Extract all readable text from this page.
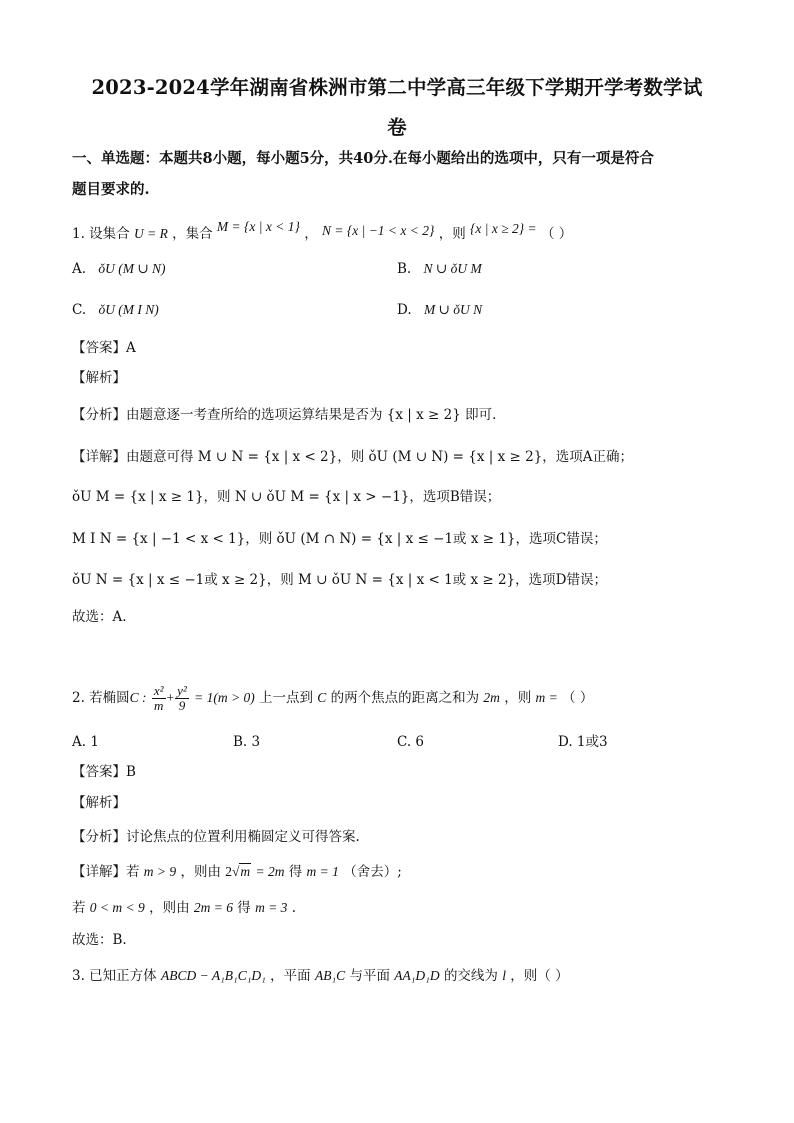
2023-2024学年湖南省株洲市第二中学高三年级下学期开学考数学试
卷
一、单选题：本题共8小题，每小题5分，共40分.在每小题给出的选项中，只有一项是符合
题目要求的.
1. 设集合 U = R ，集合 M = {x | x < 1} ， N = {x | −1 < x < 2} ，则 {x | x ≥ 2} = （ ）
A. ǒU (M ∪ N)	B. N ∪ ǒU M
C. ǒU (M I N)	D. M ∪ ǒU N
【答案】A
【解析】
【分析】由题意逐一考查所给的选项运算结果是否为 {x | x ≥ 2} 即可.
【详解】由题意可得 M ∪ N = {x | x < 2}，则 ǒU (M ∪ N) = {x | x ≥ 2}，选项A正确；
ǒU M = {x | x ≥ 1}，则 N ∪ ǒU M = {x | x > −1}，选项B错误；
M I N = {x | −1 < x < 1}，则 ǒU (M ∩ N) = {x | x ≤ −1或 x ≥ 1}，选项C错误；
ǒU N = {x | x ≤ −1或 x ≥ 2}，则 M ∪ ǒU N = {x | x < 1或 x ≥ 2}，选项D错误；
故选：A.
2. 若椭圆C : $\frac{\text{x²}}{m} + \frac{\text{y²}}{9} = 1(m > 0)$ 上一点到 C 的两个焦点的距离之和为 2m ，则 m = （ ）
A. 1	B. 3	C. 6	D. 1或3
【答案】B
【解析】
【分析】讨论焦点的位置利用椭圆定义可得答案.
【详解】若 m > 9 ，则由 2√m = 2m 得 m = 1 （舍去）;
若 0 < m < 9 ，则由 2m = 6 得 m = 3 .
故选：B.
3. 已知正方体 ABCD − A₁B₁C₁D₁ ，平面 AB₁C 与平面 AA₁D₁D 的交线为 l ，则（ ）
